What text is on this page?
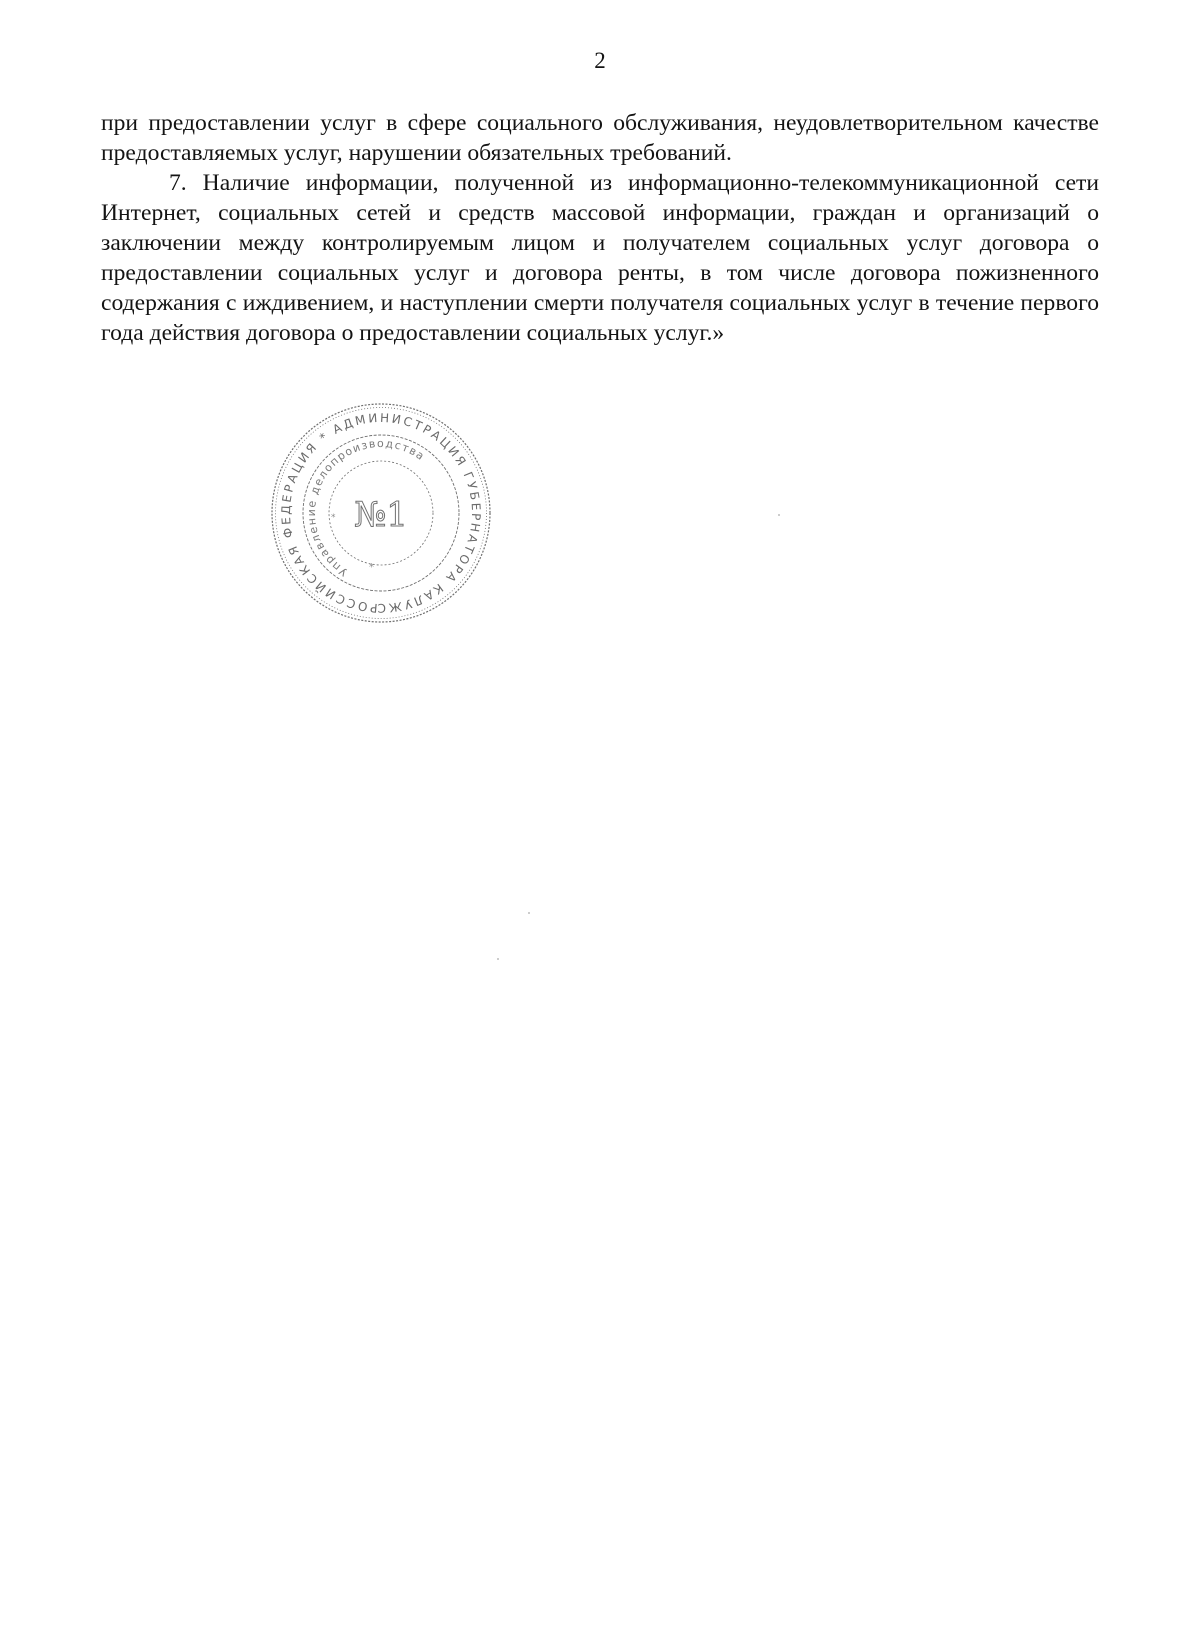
2

при предоставлении услуг в сфере социального обслуживания, неудовлетворительном качестве предоставляемых услуг, нарушении обязательных требований.

7. Наличие информации, полученной из информационно-телекоммуникационной сети Интернет, социальных сетей и средств массовой информации, граждан и организаций о заключении между контролируемым лицом и получателем социальных услуг договора о предоставлении социальных услуг и договора ренты, в том числе договора пожизненного содержания с иждивением, и наступлении смерти получателя социальных услуг в течение первого года действия договора о предоставлении социальных услуг.»

РОССИЙСКАЯ ФЕДЕРАЦИЯ * АДМИНИСТРАЦИЯ ГУБЕРНАТОРА КАЛУЖСКОЙ
Управление делопроизводства
№1
*
*
